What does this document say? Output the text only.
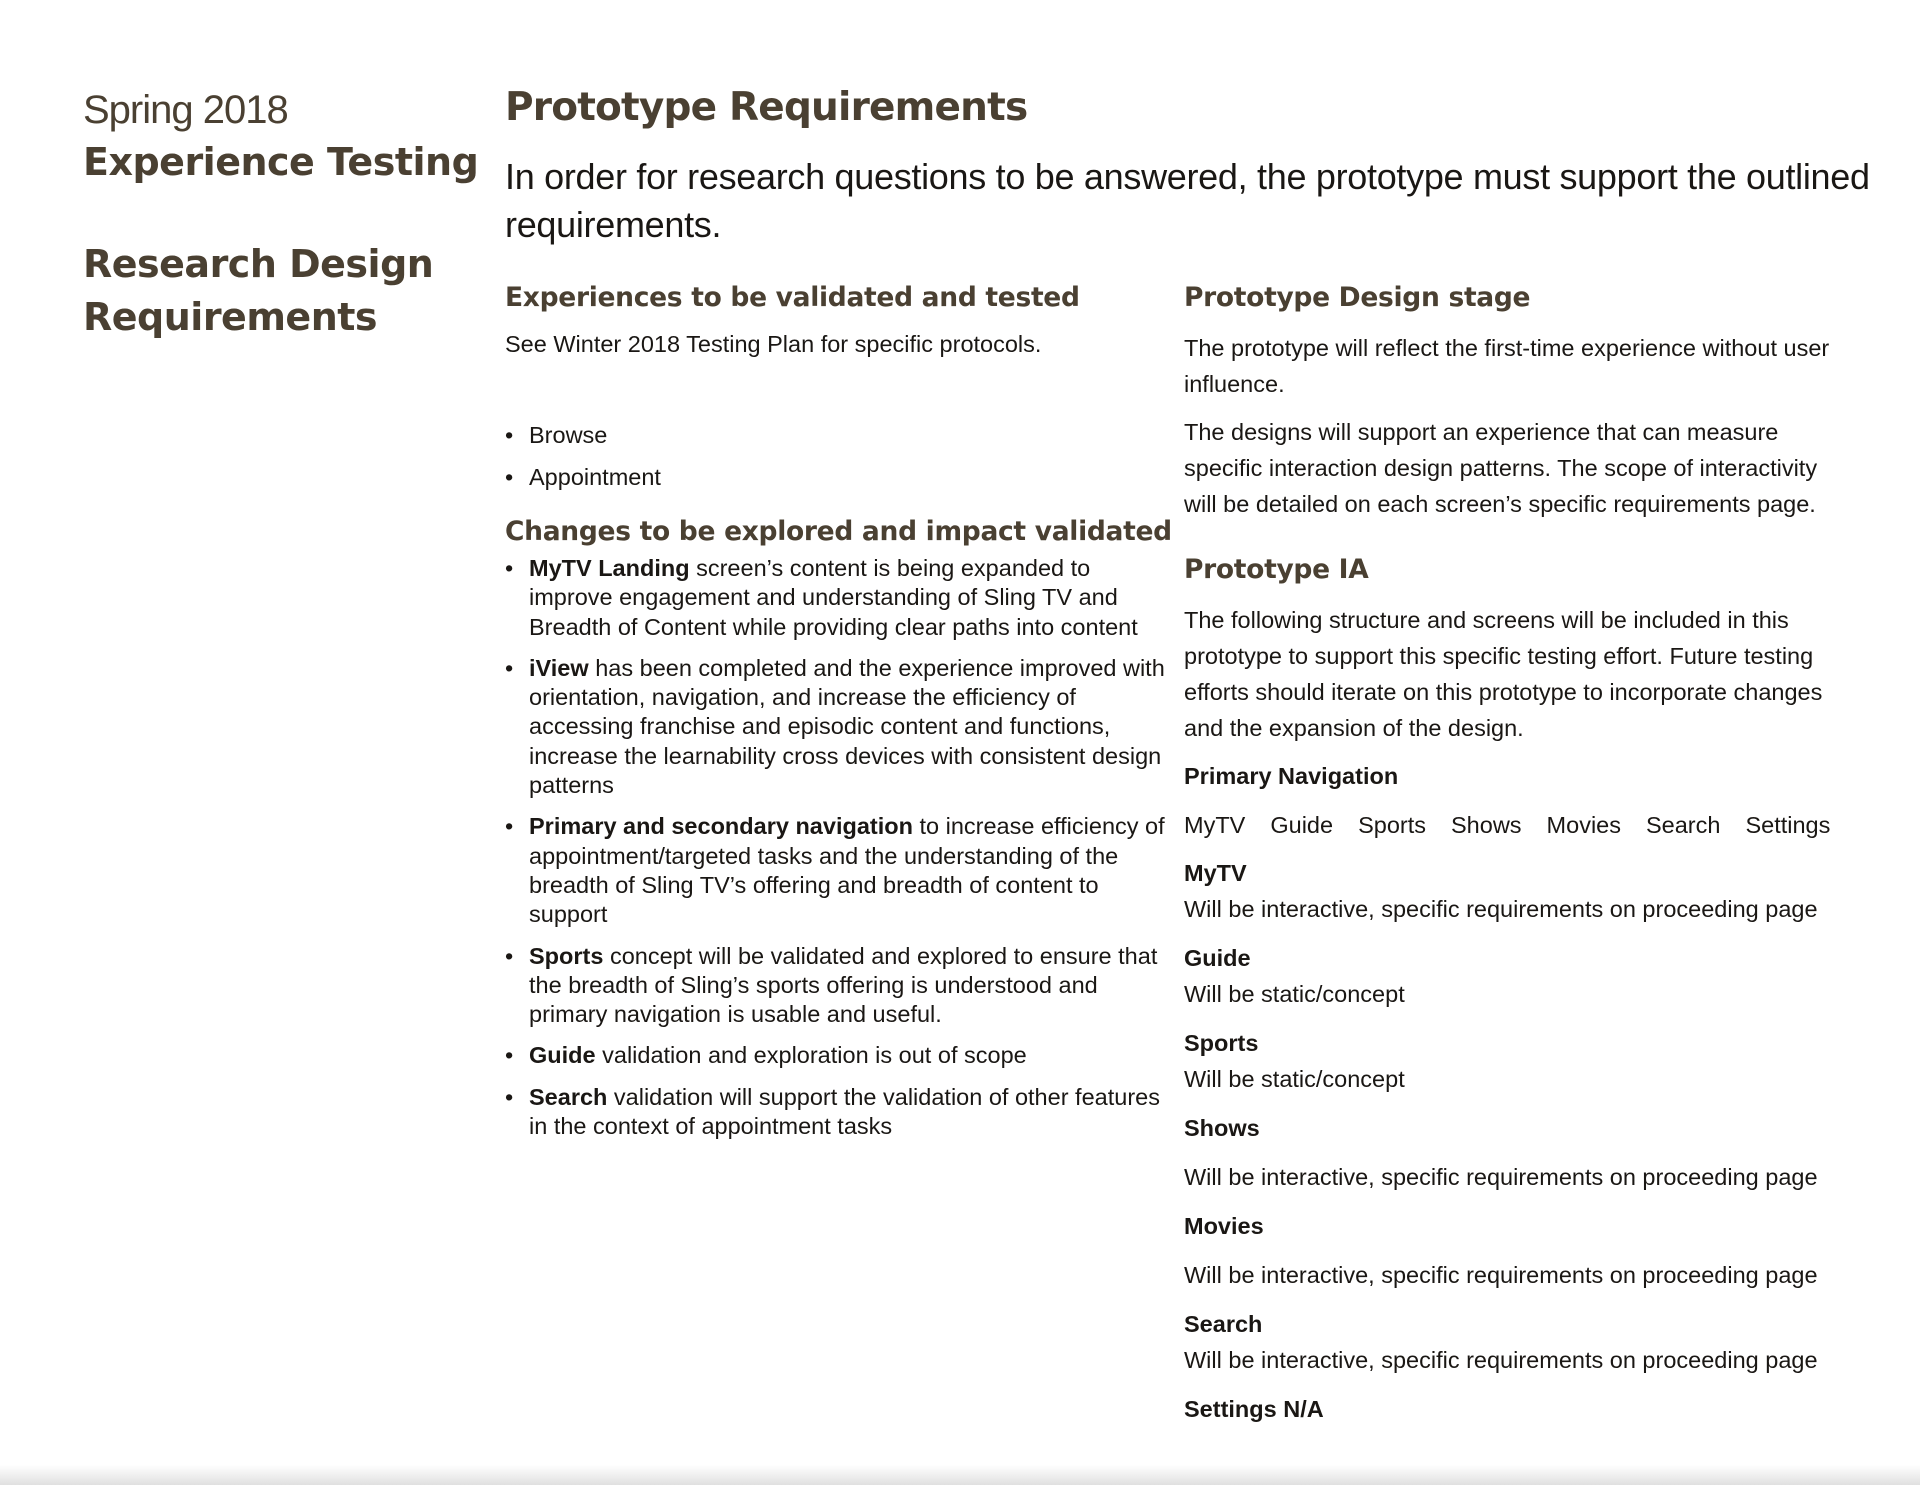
Spring 2018
Experience Testing
Research Design
Requirements
Prototype Requirements
In order for research questions to be answered, the prototype must support the outlined requirements.
Experiences to be validated and tested
See Winter 2018 Testing Plan for specific protocols.
• Browse
• Appointment
Changes to be explored and impact validated
• MyTV Landing screen’s content is being expanded to improve engagement and understanding of Sling TV and Breadth of Content while providing clear paths into content
• iView has been completed and the experience improved with orientation, navigation, and increase the efficiency of accessing franchise and episodic content and functions, increase the learnability cross devices with consistent design patterns
• Primary and secondary navigation to increase efficiency of appointment/targeted tasks and the understanding of the breadth of Sling TV’s offering and breadth of content to support
• Sports concept will be validated and explored to ensure that the breadth of Sling’s sports offering is understood and primary navigation is usable and useful.
• Guide validation and exploration is out of scope
• Search validation will support the validation of other features in the context of appointment tasks
Prototype Design stage

The prototype will reflect the first-time experience without user influence.

The designs will support an experience that can measure specific interaction design patterns. The scope of interactivity will be detailed on each screen’s specific requirements page.

Prototype IA
The following structure and screens will be included in this prototype to support this specific testing effort. Future testing efforts should iterate on this prototype to incorporate changes and the expansion of the design.
Primary Navigation
MyTV Guide Sports Shows Movies Search Settings
MyTV
Will be interactive, specific requirements on proceeding page
Guide
Will be static/concept
Sports
Will be static/concept
Shows
Will be interactive, specific requirements on proceeding page
Movies
Will be interactive, specific requirements on proceeding page
Search
Will be interactive, specific requirements on proceeding page
Settings N/A
